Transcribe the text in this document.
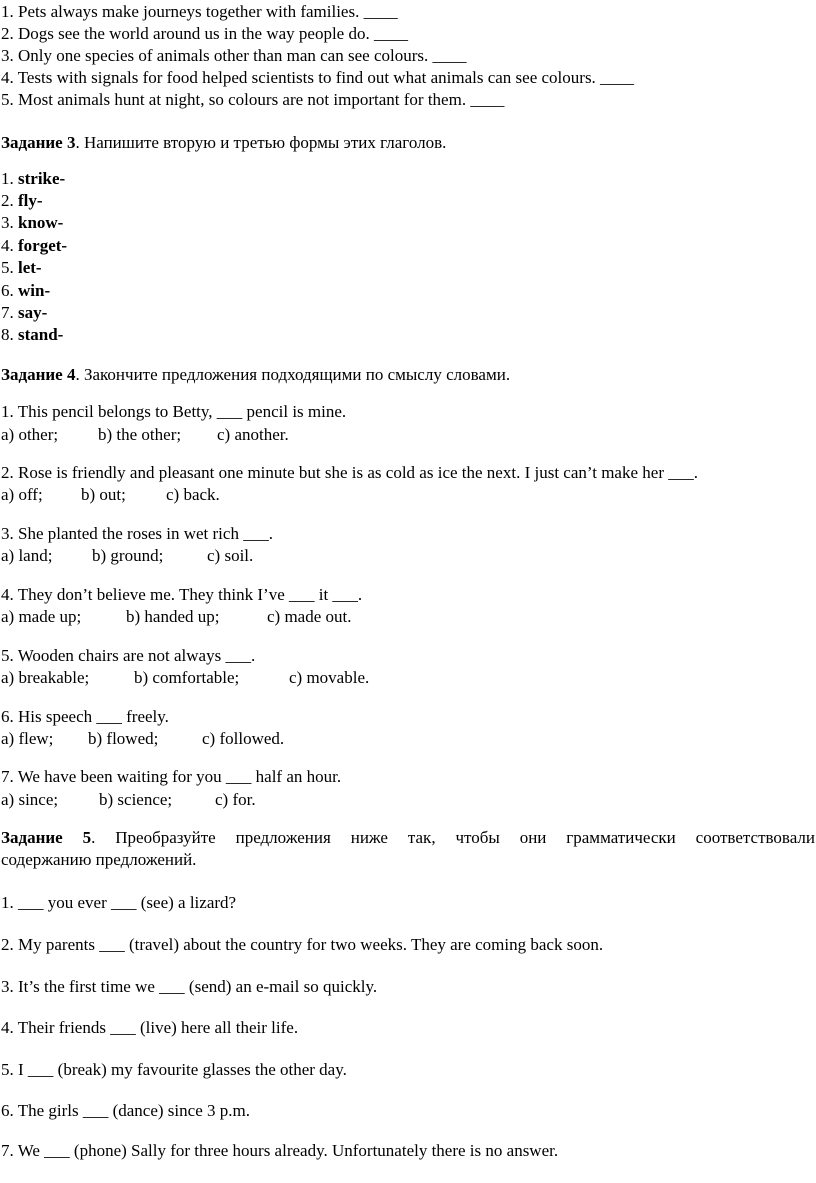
1. Pets always make journeys together with families. ____
2. Dogs see the world around us in the way people do. ____
3. Only one species of animals other than man can see colours. ____
4. Tests with signals for food helped scientists to find out what animals can see colours. ____
5. Most animals hunt at night, so colours are not important for them. ____
Задание 3. Напишите вторую и третью формы этих глаголов.
1. strike-
2. fly-
3. know-
4. forget-
5. let-
6. win-
7. say-
8. stand-
Задание 4. Закончите предложения подходящими по смыслу словами.
1. This pencil belongs to Betty, ___ pencil is mine.
a) other; b) the other; c) another.
2. Rose is friendly and pleasant one minute but she is as cold as ice the next. I just can’t make her ___.
a) off; b) out; c) back.
3. She planted the roses in wet rich ___.
a) land; b) ground;	c) soil.
4. They don’t believe me. They think I’ve ___ it ___.
a) made up;	b) handed up;	c) made out.
5. Wooden chairs are not always ___.
a) breakable;	b) comfortable;	c) movable.
6. His speech ___ freely.
a) flew; b) flowed;	c) followed.
7. We have been waiting for you ___ half an hour.
a) since; b) science;	c) for.
Задание 5. Преобразуйте предложения ниже так, чтобы они грамматически соответствовали
содержанию предложений.
1. ___ you ever ___ (see) a lizard?
2. My parents ___ (travel) about the country for two weeks. They are coming back soon.
3. It’s the first time we ___ (send) an e-mail so quickly.
4. Their friends ___ (live) here all their life.
5. I ___ (break) my favourite glasses the other day.
6. The girls ___ (dance) since 3 p.m.
7. We ___ (phone) Sally for three hours already. Unfortunately there is no answer.
